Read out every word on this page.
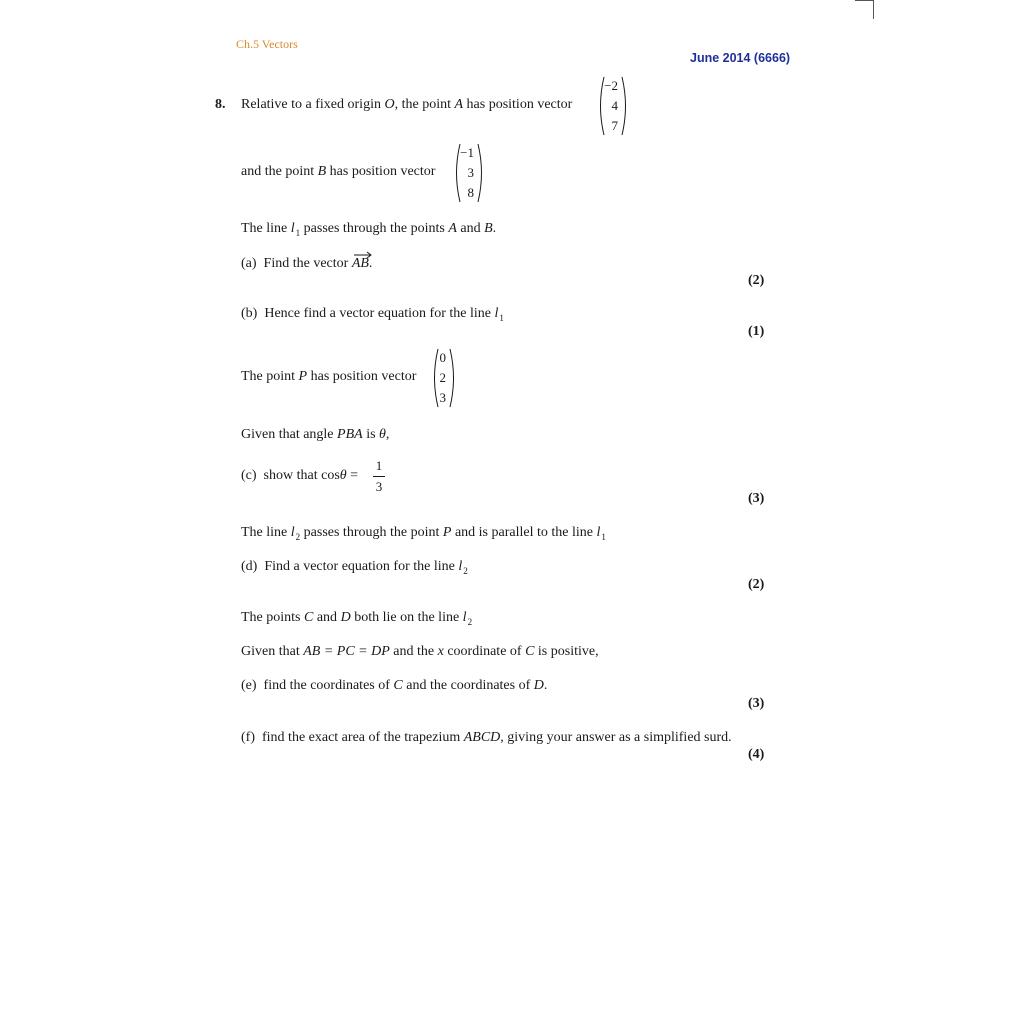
Ch.5 Vectors
June 2014 (6666)
8. Relative to a fixed origin O, the point A has position vector
−2
4
7
and the point B has position vector
−1
3
8
The line $l_1$ passes through the points A and B.
(a) Find the vector
AB.
(2)
(b) Hence find a vector equation for the line $l_1$
(1)
The point P has position vector
0
2
3
Given that angle PBA is θ,
(c) show that cosθ =
1
3
(3)
The line $l_2$ passes through the point P and is parallel to the line $l_1$
(d) Find a vector equation for the line $l_2$
(2)
The points C and D both lie on the line $l_2$
Given that AB = PC = DP and the x coordinate of C is positive,
(e) find the coordinates of C and the coordinates of D.
(3)
(f) find the exact area of the trapezium ABCD, giving your answer as a simplified surd.
(4)
